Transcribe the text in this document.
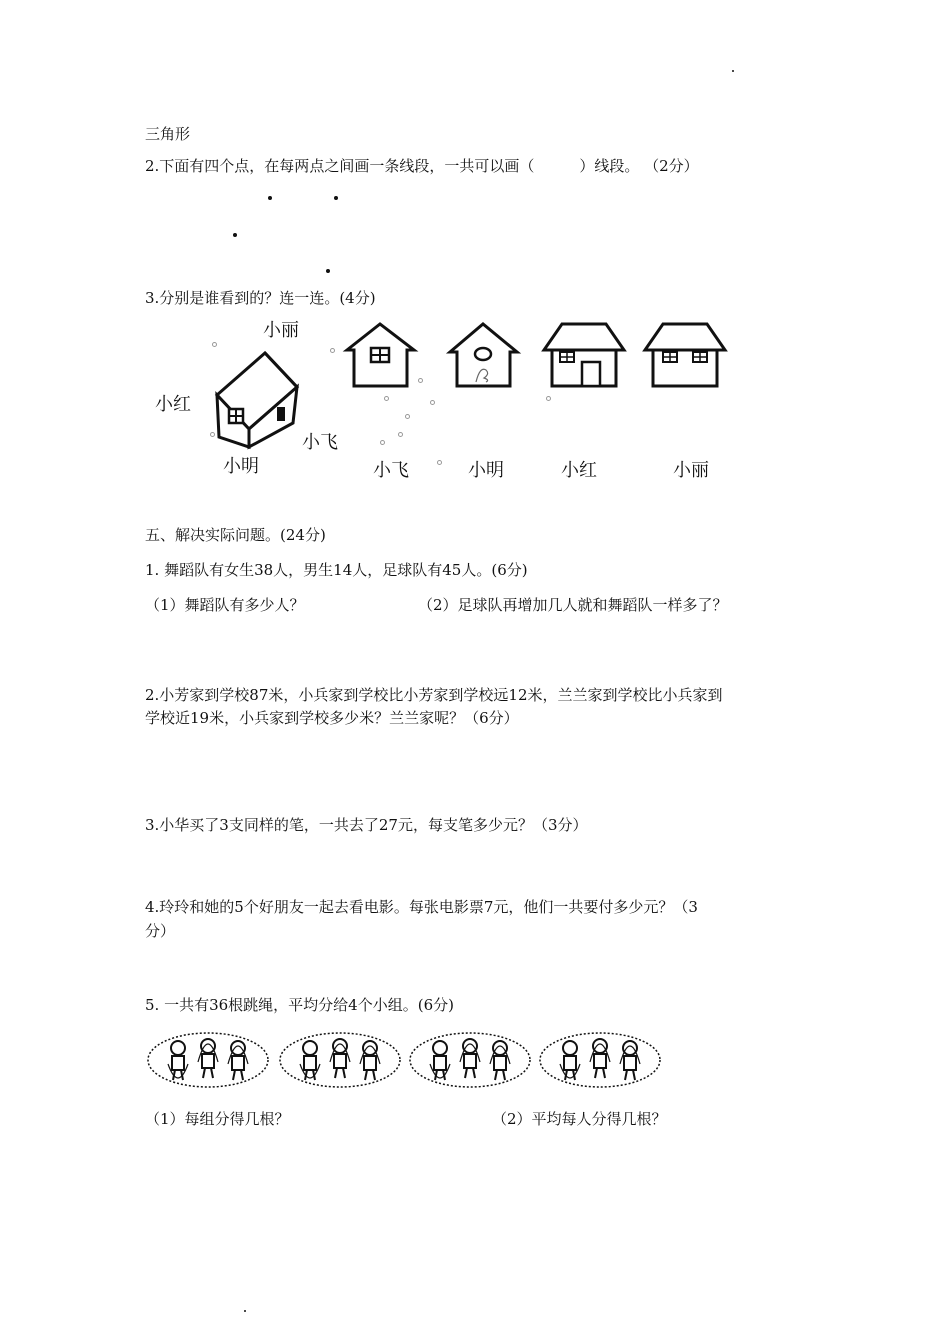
三角形
2.下面有四个点，在每两点之间画一条线段，一共可以画（　　　）线段。 （2分）
3.分别是谁看到的？连一连。(4分)
小丽
小红
小飞
小明	小飞	小明	小红	小丽
五、解决实际问题。(24分)
1. 舞蹈队有女生38人，男生14人，足球队有45人。(6分)
（1）舞蹈队有多少人？	（2）足球队再增加几人就和舞蹈队一样多了？
2.小芳家到学校87米，小兵家到学校比小芳家到学校远12米，兰兰家到学校比小兵家到
学校近19米，小兵家到学校多少米？兰兰家呢？（6分）
3.小华买了3支同样的笔，一共去了27元，每支笔多少元？（3分）
4.玲玲和她的5个好朋友一起去看电影。每张电影票7元，他们一共要付多少元？（3
分）
5. 一共有36根跳绳，平均分给4个小组。(6分)
（1）每组分得几根？	（2）平均每人分得几根？
